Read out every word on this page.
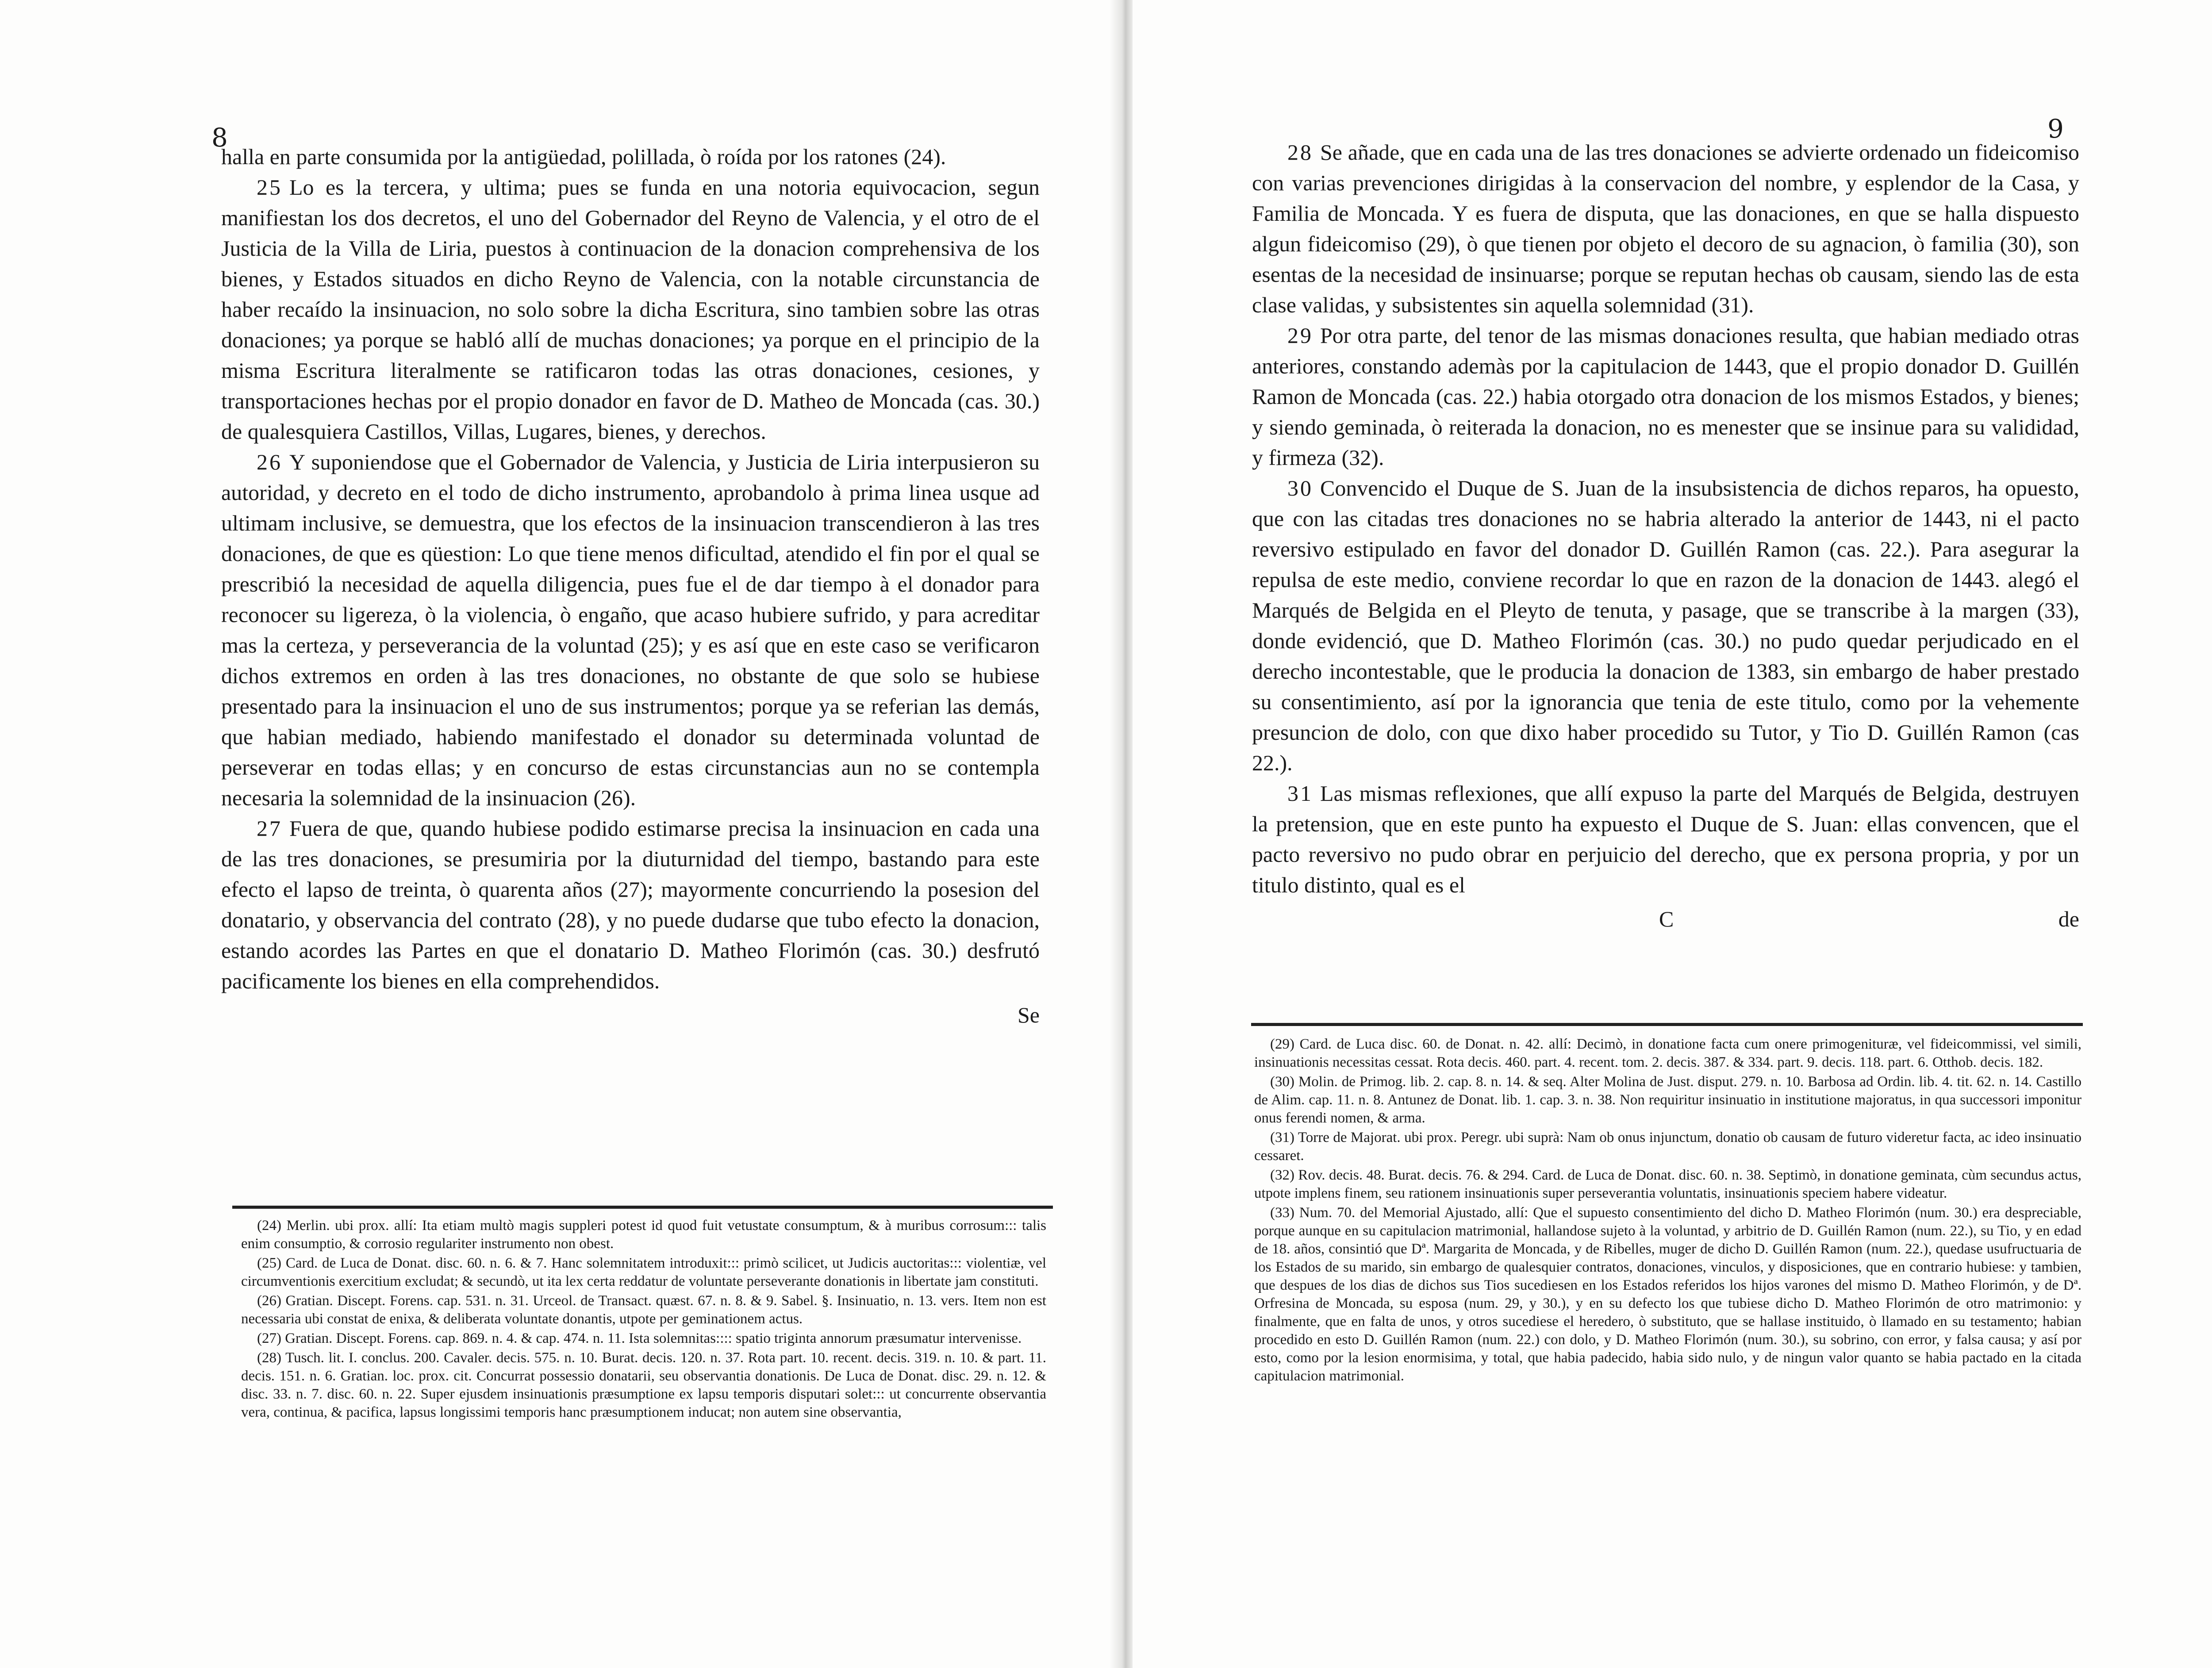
8

halla en parte consumida por la antigüedad, polillada, ò roída por los ratones (24).

25 Lo es la tercera, y ultima; pues se funda en una notoria equivocacion, segun manifiestan los dos decretos, el uno del Gobernador del Reyno de Valencia, y el otro de el Justicia de la Villa de Liria, puestos à continuacion de la donacion comprehensiva de los bienes, y Estados situados en dicho Reyno de Valencia, con la notable circunstancia de haber recaído la insinuacion, no solo sobre la dicha Escritura, sino tambien sobre las otras donaciones; ya porque se habló allí de muchas donaciones; ya porque en el principio de la misma Escritura literalmente se ratificaron todas las otras donaciones, cesiones, y transportaciones hechas por el propio donador en favor de D. Matheo de Moncada (cas. 30.) de qualesquiera Castillos, Villas, Lugares, bienes, y derechos.

26 Y suponiendose que el Gobernador de Valencia, y Justicia de Liria interpusieron su autoridad, y decreto en el todo de dicho instrumento, aprobandolo à prima linea usque ad ultimam inclusive, se demuestra, que los efectos de la insinuacion transcendieron à las tres donaciones, de que es qüestion: Lo que tiene menos dificultad, atendido el fin por el qual se prescribió la necesidad de aquella diligencia, pues fue el de dar tiempo à el donador para reconocer su ligereza, ò la violencia, ò engaño, que acaso hubiere sufrido, y para acreditar mas la certeza, y perseverancia de la voluntad (25); y es así que en este caso se verificaron dichos extremos en orden à las tres donaciones, no obstante de que solo se hubiese presentado para la insinuacion el uno de sus instrumentos; porque ya se referian las demás, que habian mediado, habiendo manifestado el donador su determinada voluntad de perseverar en todas ellas; y en concurso de estas circunstancias aun no se contempla necesaria la solemnidad de la insinuacion (26).

27 Fuera de que, quando hubiese podido estimarse precisa la insinuacion en cada una de las tres donaciones, se presumiria por la diuturnidad del tiempo, bastando para este efecto el lapso de treinta, ò quarenta años (27); mayormente concurriendo la posesion del donatario, y observancia del contrato (28), y no puede dudarse que tubo efecto la donacion, estando acordes las Partes en que el donatario D. Matheo Florimón (cas. 30.) desfrutó pacificamente los bienes en ella comprehendidos.

Se

(24) Merlin. ubi prox. allí: Ita etiam multò magis suppleri potest id quod fuit vetustate consumptum, & à muribus corrosum::: talis enim consumptio, & corrosio regulariter instrumento non obest.

(25) Card. de Luca de Donat. disc. 60. n. 6. & 7. Hanc solemnitatem introduxit::: primò scilicet, ut Judicis auctoritas::: violentiæ, vel circumventionis exercitium excludat; & secundò, ut ita lex certa reddatur de voluntate perseverante donationis in libertate jam constituti.

(26) Gratian. Discept. Forens. cap. 531. n. 31. Urceol. de Transact. quæst. 67. n. 8. & 9. Sabel. §. Insinuatio, n. 13. vers. Item non est necessaria ubi constat de enixa, & deliberata voluntate donantis, utpote per geminationem actus.

(27) Gratian. Discept. Forens. cap. 869. n. 4. & cap. 474. n. 11. Ista solemnitas:::: spatio triginta annorum præsumatur intervenisse.

(28) Tusch. lit. I. conclus. 200. Cavaler. decis. 575. n. 10. Burat. decis. 120. n. 37. Rota part. 10. recent. decis. 319. n. 10. & part. 11. decis. 151. n. 6. Gratian. loc. prox. cit. Concurrat possessio donatarii, seu observantia donationis. De Luca de Donat. disc. 29. n. 12. & disc. 33. n. 7. disc. 60. n. 22. Super ejusdem insinuationis præsumptione ex lapsu temporis disputari solet::: ut concurrente observantia vera, continua, & pacifica, lapsus longissimi temporis hanc præsumptionem inducat; non autem sine observantia,

9

28 Se añade, que en cada una de las tres donaciones se advierte ordenado un fideicomiso con varias prevenciones dirigidas à la conservacion del nombre, y esplendor de la Casa, y Familia de Moncada. Y es fuera de disputa, que las donaciones, en que se halla dispuesto algun fideicomiso (29), ò que tienen por objeto el decoro de su agnacion, ò familia (30), son esentas de la necesidad de insinuarse; porque se reputan hechas ob causam, siendo las de esta clase validas, y subsistentes sin aquella solemnidad (31).

29 Por otra parte, del tenor de las mismas donaciones resulta, que habian mediado otras anteriores, constando ademàs por la capitulacion de 1443, que el propio donador D. Guillén Ramon de Moncada (cas. 22.) habia otorgado otra donacion de los mismos Estados, y bienes; y siendo geminada, ò reiterada la donacion, no es menester que se insinue para su valididad, y firmeza (32).

30 Convencido el Duque de S. Juan de la insubsistencia de dichos reparos, ha opuesto, que con las citadas tres donaciones no se habria alterado la anterior de 1443, ni el pacto reversivo estipulado en favor del donador D. Guillén Ramon (cas. 22.). Para asegurar la repulsa de este medio, conviene recordar lo que en razon de la donacion de 1443. alegó el Marqués de Belgida en el Pleyto de tenuta, y pasage, que se transcribe à la margen (33), donde evidenció, que D. Matheo Florimón (cas. 30.) no pudo quedar perjudicado en el derecho incontestable, que le producia la donacion de 1383, sin embargo de haber prestado su consentimiento, así por la ignorancia que tenia de este titulo, como por la vehemente presuncion de dolo, con que dixo haber procedido su Tutor, y Tio D. Guillén Ramon (cas 22.).

31 Las mismas reflexiones, que allí expuso la parte del Marqués de Belgida, destruyen la pretension, que en este punto ha expuesto el Duque de S. Juan: ellas convencen, que el pacto reversivo no pudo obrar en perjuicio del derecho, que ex persona propria, y por un titulo distinto, qual es el

C	de

(29) Card. de Luca disc. 60. de Donat. n. 42. allí: Decimò, in donatione facta cum onere primogenituræ, vel fideicommissi, vel simili, insinuationis necessitas cessat. Rota decis. 460. part. 4. recent. tom. 2. decis. 387. & 334. part. 9. decis. 118. part. 6. Otthob. decis. 182.

(30) Molin. de Primog. lib. 2. cap. 8. n. 14. & seq. Alter Molina de Just. disput. 279. n. 10. Barbosa ad Ordin. lib. 4. tit. 62. n. 14. Castillo de Alim. cap. 11. n. 8. Antunez de Donat. lib. 1. cap. 3. n. 38. Non requiritur insinuatio in institutione majoratus, in qua successori imponitur onus ferendi nomen, & arma.

(31) Torre de Majorat. ubi prox. Peregr. ubi suprà: Nam ob onus injunctum, donatio ob causam de futuro videretur facta, ac ideo insinuatio cessaret.

(32) Rov. decis. 48. Burat. decis. 76. & 294. Card. de Luca de Donat. disc. 60. n. 38. Septimò, in donatione geminata, cùm secundus actus, utpote implens finem, seu rationem insinuationis super perseverantia voluntatis, insinuationis speciem habere videatur.

(33) Num. 70. del Memorial Ajustado, allí: Que el supuesto consentimiento del dicho D. Matheo Florimón (num. 30.) era despreciable, porque aunque en su capitulacion matrimonial, hallandose sujeto à la voluntad, y arbitrio de D. Guillén Ramon (num. 22.), su Tio, y en edad de 18. años, consintió que Dª. Margarita de Moncada, y de Ribelles, muger de dicho D. Guillén Ramon (num. 22.), quedase usufructuaria de los Estados de su marido, sin embargo de qualesquier contratos, donaciones, vinculos, y disposiciones, que en contrario hubiese: y tambien, que despues de los dias de dichos sus Tios sucediesen en los Estados referidos los hijos varones del mismo D. Matheo Florimón, y de Dª. Orfresina de Moncada, su esposa (num. 29, y 30.), y en su defecto los que tubiese dicho D. Matheo Florimón de otro matrimonio: y finalmente, que en falta de unos, y otros sucediese el heredero, ò substituto, que se hallase instituido, ò llamado en su testamento; habian procedido en esto D. Guillén Ramon (num. 22.) con dolo, y D. Matheo Florimón (num. 30.), su sobrino, con error, y falsa causa; y así por esto, como por la lesion enormisima, y total, que habia padecido, habia sido nulo, y de ningun valor quanto se habia pactado en la citada capitulacion matrimonial.
